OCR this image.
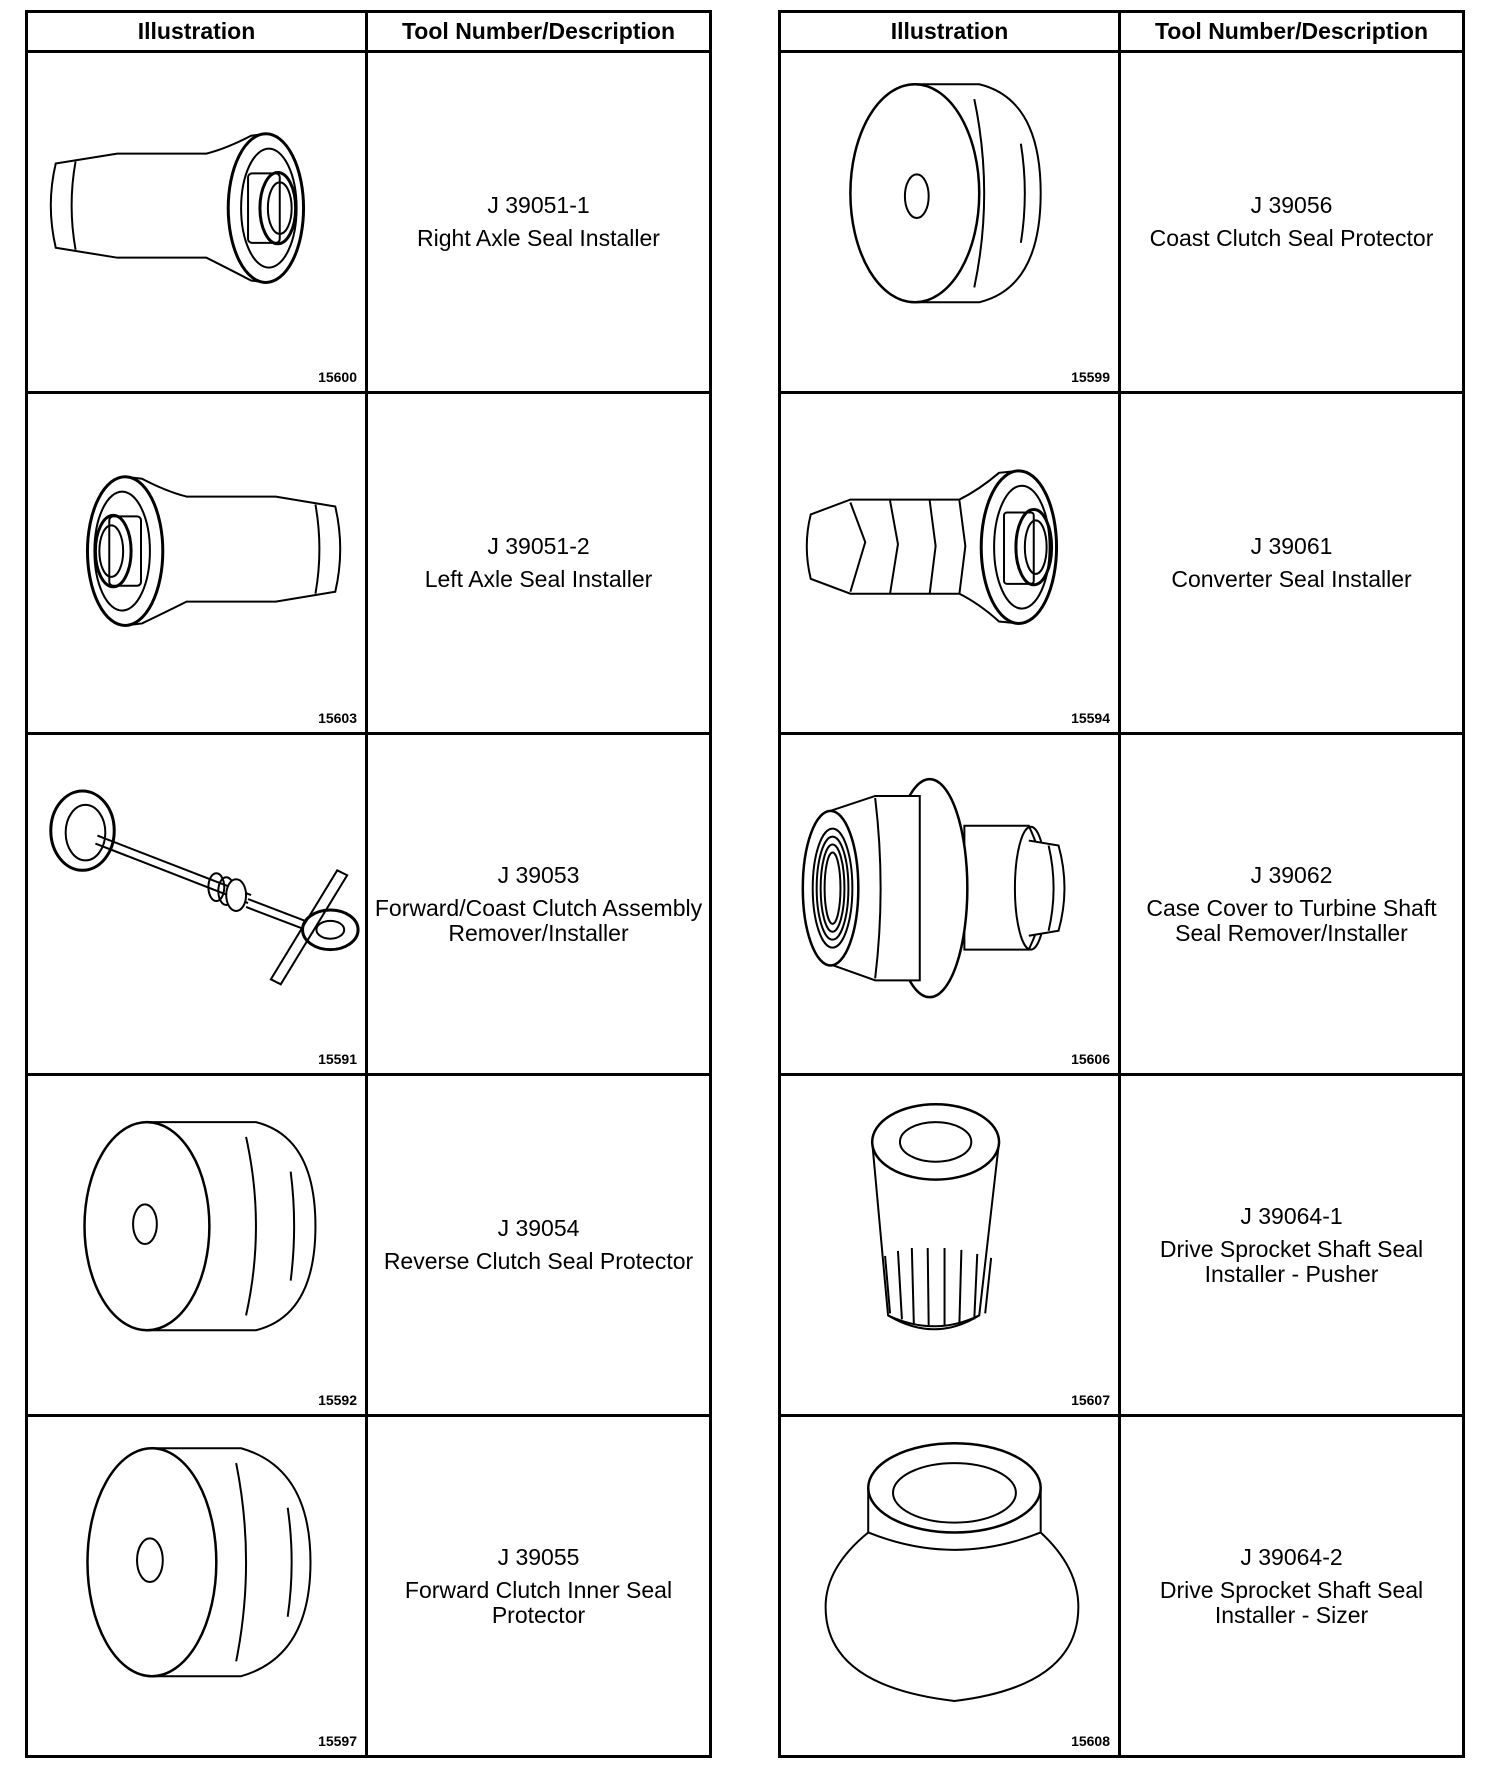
Illustration	Tool Number/Description

15600	J 39051-1
Right Axle Seal Installer

15603	J 39051-2
Left Axle Seal Installer

15591	J 39053
Forward/Coast Clutch Assembly Remover/Installer

15592	J 39054
Reverse Clutch Seal Protector

15597	J 39055
Forward Clutch Inner Seal Protector
Illustration	Tool Number/Description

15599	J 39056
Coast Clutch Seal Protector

15594	J 39061
Converter Seal Installer

15606	J 39062
Case Cover to Turbine Shaft Seal Remover/Installer

15607	J 39064-1
Drive Sprocket Shaft Seal Installer - Pusher

15608	J 39064-2
Drive Sprocket Shaft Seal Installer - Sizer
